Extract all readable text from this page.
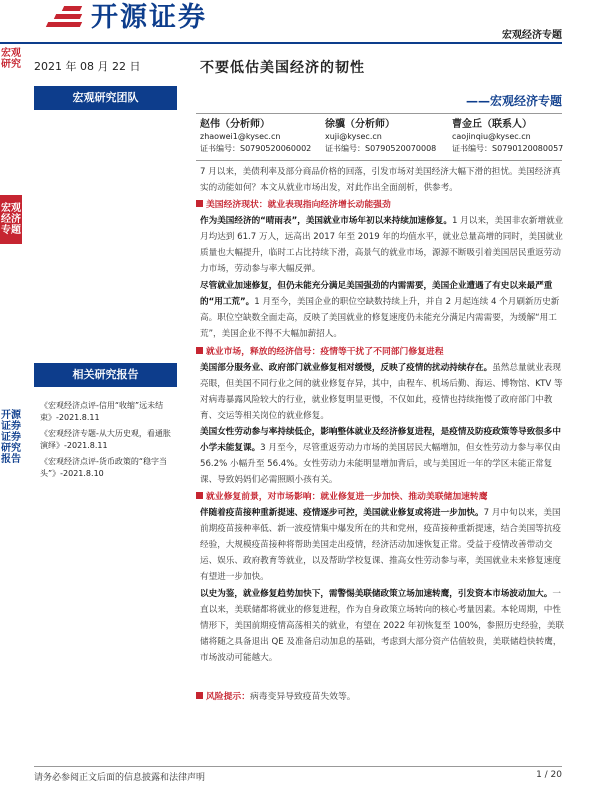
开源证券
宏观经济专题
宏观研究
宏观经济专题
开源证券 证券研究报告
2021 年 08 月 22 日
宏观研究团队
相关研究报告
《宏观经济点评-信用“收缩”远未结束》-2021.8.11
《宏观经济专题-从大历史观，看通胀演绎》-2021.8.11
《宏观经济点评-货币政策的“稳字当头”》-2021.8.10
不要低估美国经济的韧性
——宏观经济专题
赵伟（分析师）
zhaowei1@kysec.cn
证书编号：S0790520060002
徐骥（分析师）
xuji@kysec.cn
证书编号：S0790520070008
曹金丘（联系人）
caojinqiu@kysec.cn
证书编号：S0790120080057
7 月以来，美债利率及部分商品价格的回落，引发市场对美国经济大幅下滑的担忧。美国经济真实的动能如何？本文从就业市场出发，对此作出全面剖析，供参考。
美国经济现状：就业表现指向经济增长动能强劲
作为美国经济的“晴雨表”，美国就业市场年初以来持续加速修复。1 月以来，美国非农新增就业月均达到 61.7 万人，远高出 2017 年至 2019 年的均值水平，就业总量高增的同时，美国就业质量也大幅提升，临时工占比持续下滑，高景气的就业市场，源源不断吸引着美国居民重返劳动力市场，劳动参与率大幅反弹。
尽管就业加速修复，但仍未能充分满足美国强劲的内需需要，美国企业遭遇了有史以来最严重的“用工荒”。1 月至今，美国企业的职位空缺数持续上升，并自 2 月起连续 4 个月刷新历史新高。职位空缺数全面走高，反映了美国就业的修复速度仍未能充分满足内需需要，为缓解“用工荒”，美国企业不得不大幅加薪招人。
就业市场，释放的经济信号：疫情等干扰了不同部门修复进程
美国部分服务业、政府部门就业修复相对缓慢，反映了疫情的扰动持续存在。虽然总量就业表现亮眼，但美国不同行业之间的就业修复存异，其中，由程车、机场后勤、海运、博物馆、KTV 等对病毒暴露风险较大的行业，就业修复明显更慢，不仅如此，疫情也持续拖慢了政府部门中教育、交运等相关岗位的就业修复。
美国女性劳动参与率持续低企，影响整体就业及经济修复进程，是疫情及防疫政策等导致很多中小学未能复课。3 月至今，尽管重返劳动力市场的美国居民大幅增加，但女性劳动力参与率仅由 56.2% 小幅升至 56.4%。女性劳动力未能明显增加背后，或与美国近一年的学区未能正常复课、导致妈妈们必需照顾小孩有关。
就业修复前景，对市场影响：就业修复进一步加快、推动美联储加速转鹰
伴随着疫苗接种重新提速、疫情逐步可控，美国就业修复或将进一步加快。7 月中旬以来，美国前期疫苗接种率低、新一波疫情集中爆发所在的共和党州，疫苗接种重新提速，结合美国等抗疫经验，大规模疫苗接种将帮助美国走出疫情，经济活动加速恢复正常。受益于疫情改善带动交运、娱乐、政府教育等就业，以及帮助学校复课、推高女性劳动参与率，美国就业未来修复速度有望进一步加快。
以史为鉴，就业修复趋势加快下，需警惕美联储政策立场加速转鹰，引发资本市场波动加大。一直以来，美联储都将就业的修复进程，作为自身政策立场转向的核心考量因素。本轮周期，中性情形下，美国前期疫情高荡相关的就业，有望在 2022 年初恢复至 100%，参照历史经验，美联储将随之具备退出 QE 及准备启动加息的基础，考虑到大部分资产估值较贵，美联储趋快转鹰，市场波动可能越大。
风险提示：病毒变异导致疫苗失效等。
请务必参阅正文后面的信息披露和法律声明	1 / 20
